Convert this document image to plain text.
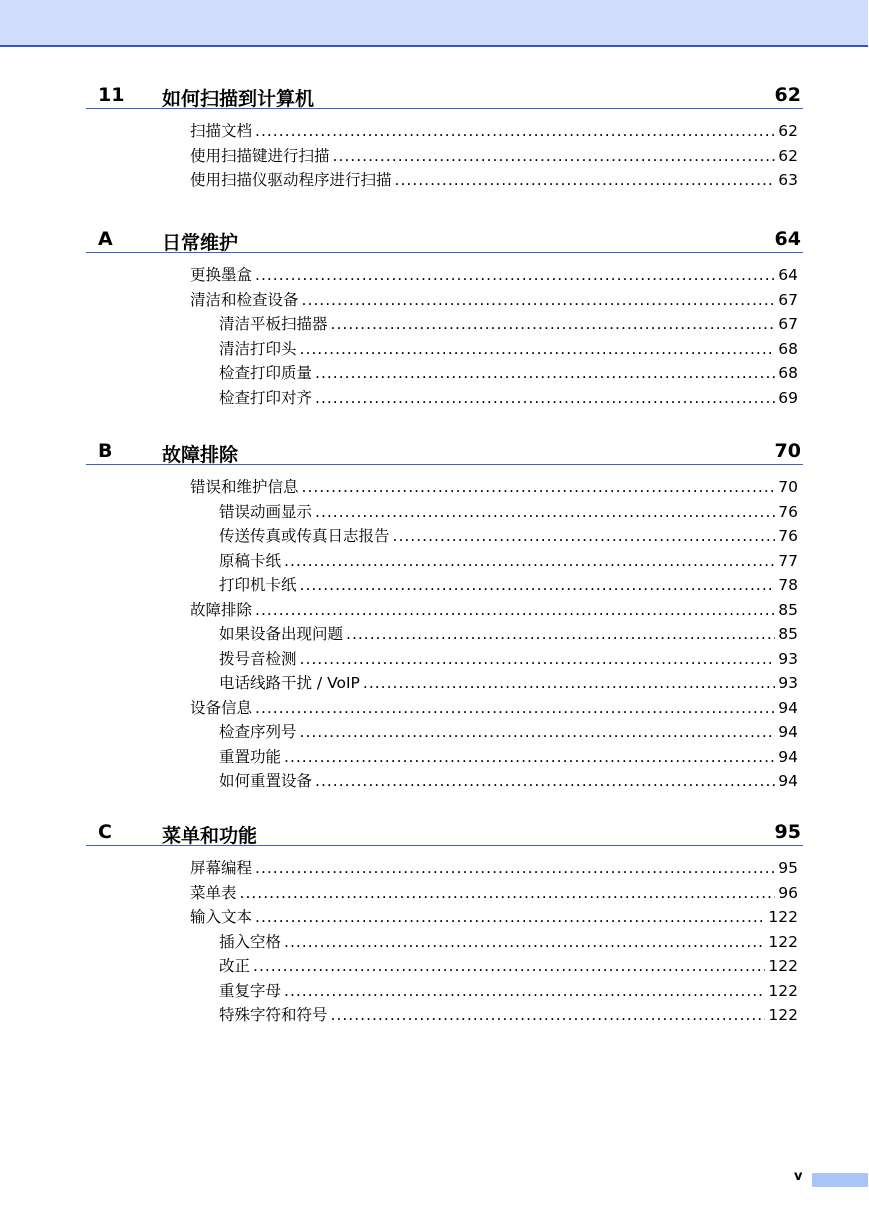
11 如何扫描到计算机	62
扫描文档 .....	62
使用扫描键进行扫描 .....	62
使用扫描仪驱动程序进行扫描 .....	63
A	日常维护	64
更换墨盒 .....	64
清洁和检查设备 .....	67
清洁平板扫描器 .....	67
清洁打印头 .....	68
检查打印质量 .....	68
检查打印对齐 .....	69
B	故障排除	70
错误和维护信息 .....	70
错误动画显示 .....	76
传送传真或传真日志报告 .....	76
原稿卡纸 .....	77
打印机卡纸 .....	78
故障排除 .....	85
如果设备出现问题 .....	85
拨号音检测 .....	93
电话线路干扰 / VoIP .....	93
设备信息 .....	94
检查序列号 .....	94
重置功能 .....	94
如何重置设备 .....	94
C	菜单和功能	95
屏幕编程 .....	95
菜单表 .....	96
输入文本 .....	122
插入空格 .....	122
改正 .....	122
重复字母 .....	122
特殊字符和符号 .....	122
v
